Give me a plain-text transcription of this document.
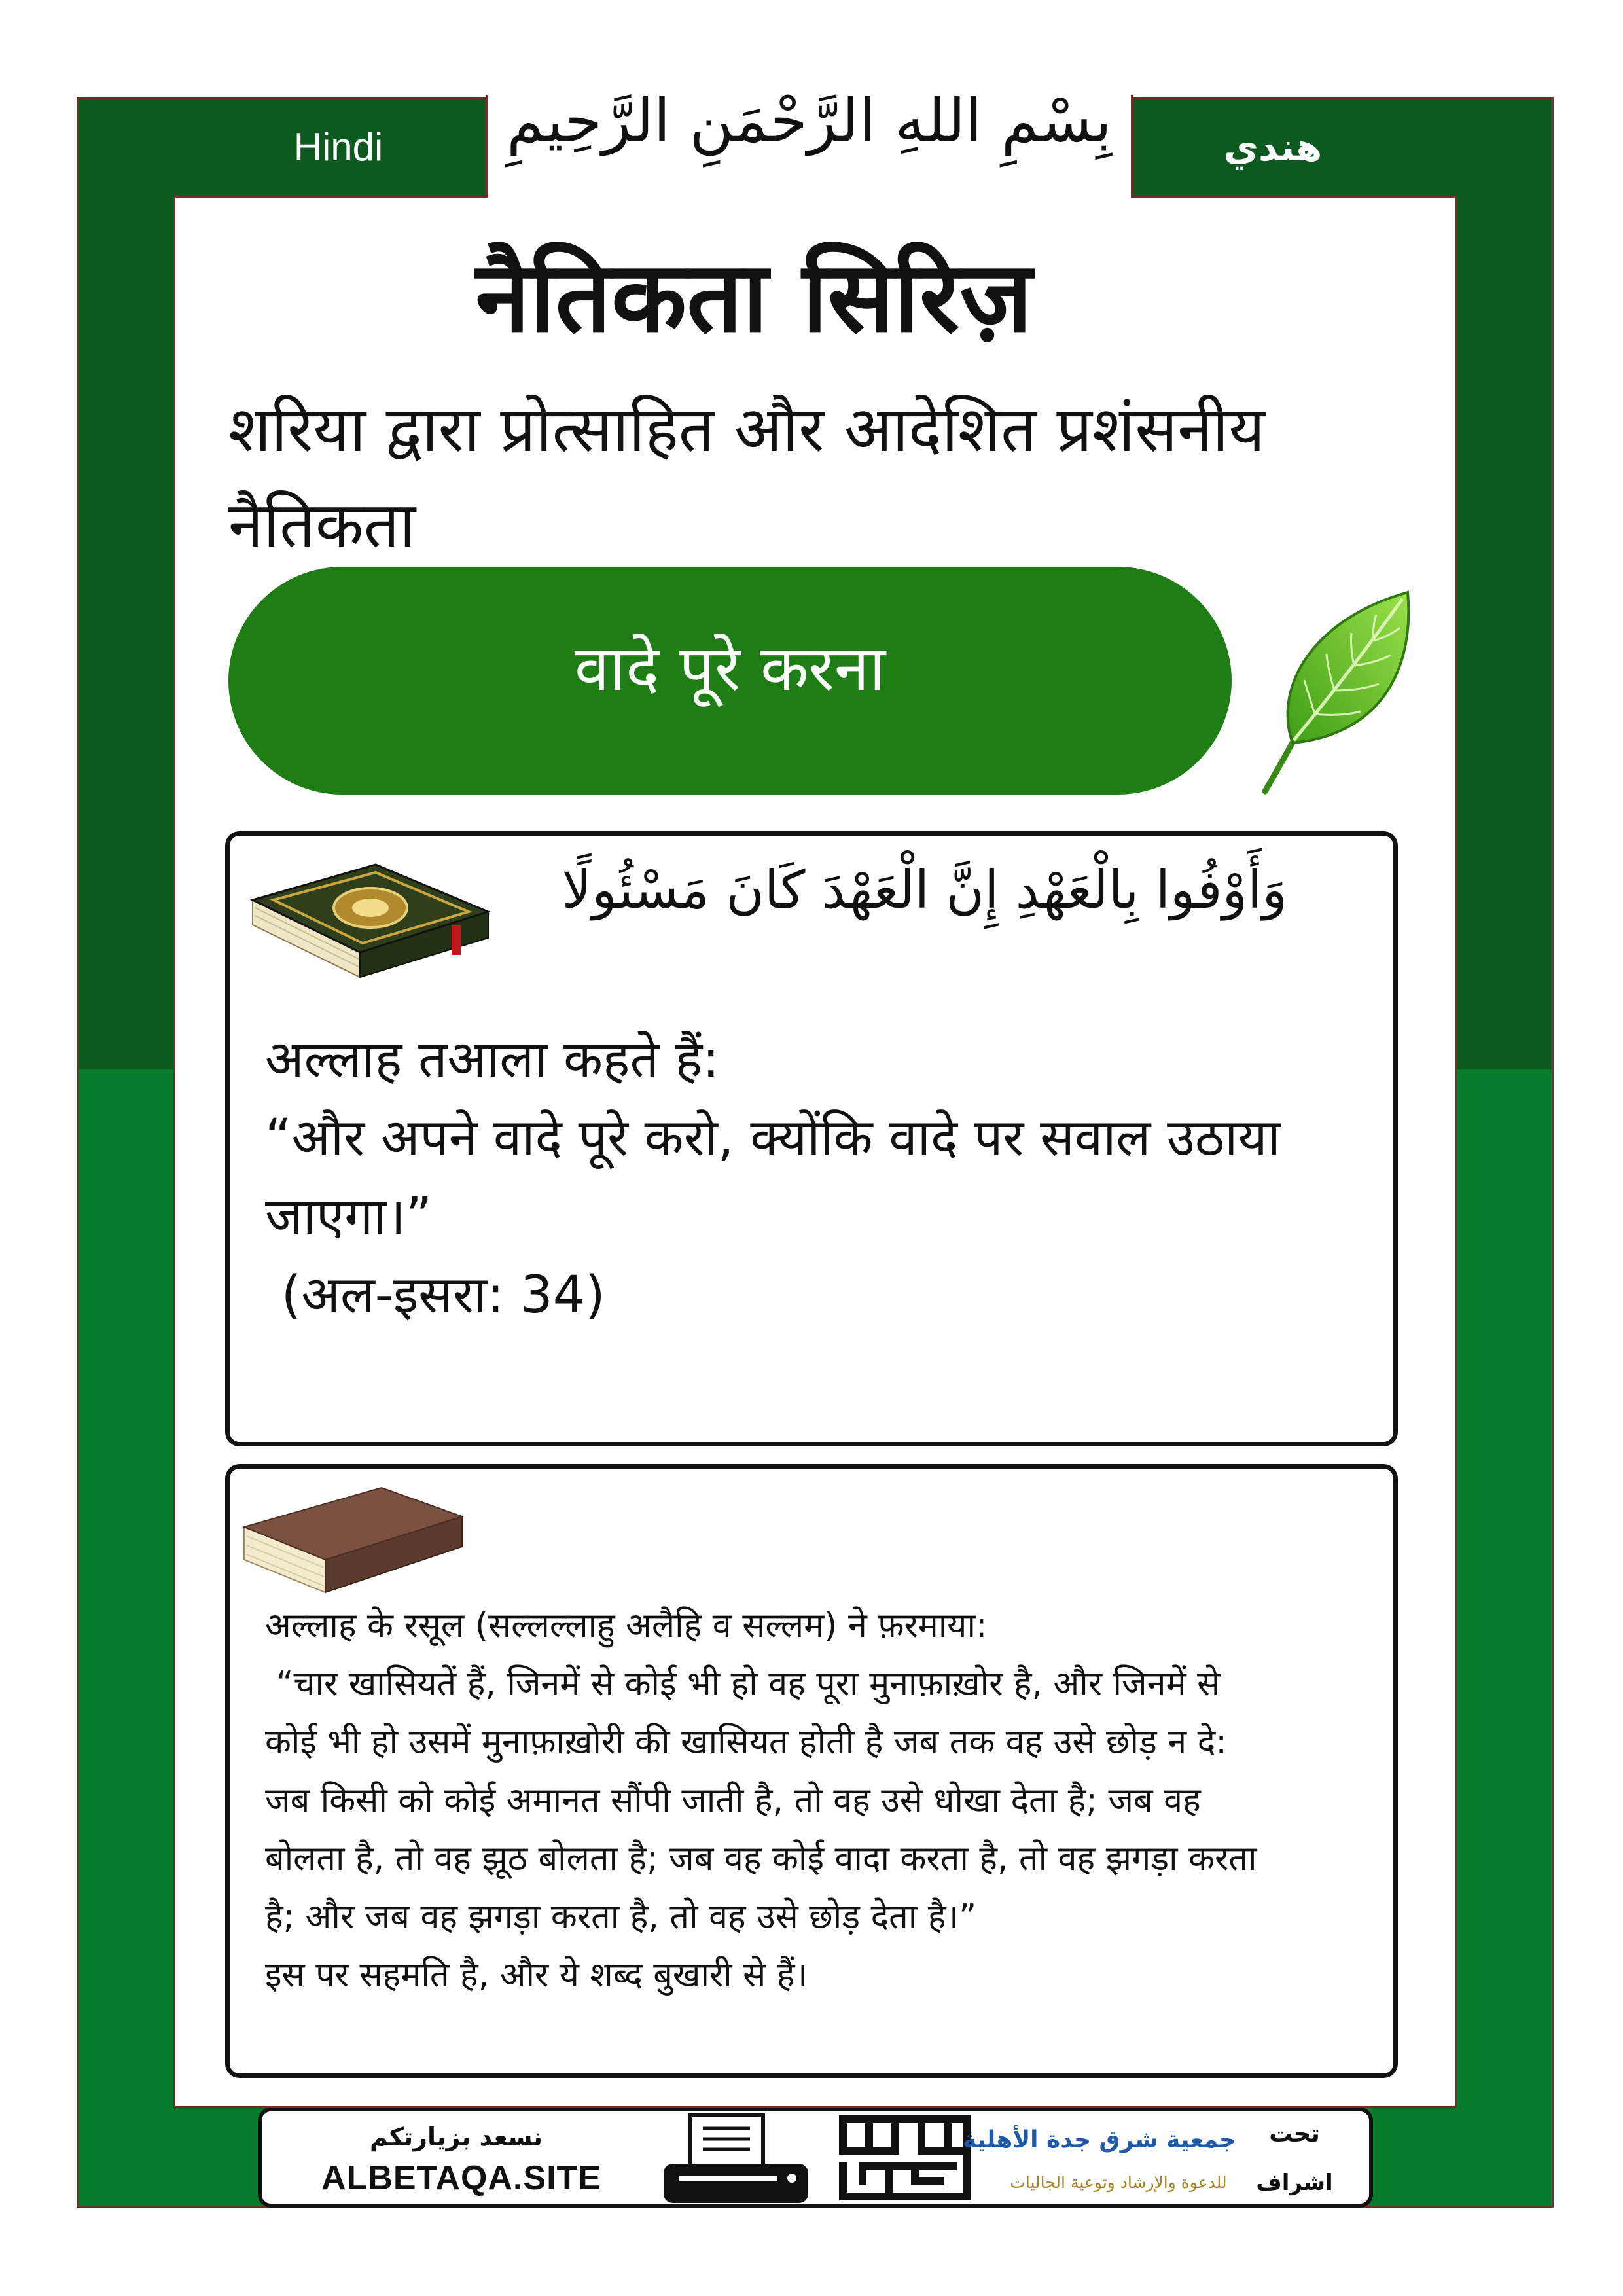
بِسْمِ اللهِ الرَّحْمَنِ الرَّحِيمِ
Hindi	هندي
नैतिकता सिरिज़
शरिया द्वारा प्रोत्साहित और आदेशित प्रशंसनीय
नैतिकता
वादे पूरे करना
وَأَوْفُوا بِالْعَهْدِ إِنَّ الْعَهْدَ كَانَ مَسْئُولًا
अल्लाह तआला कहते हैं:
“और अपने वादे पूरे करो, क्योंकि वादे पर सवाल उठाया
जाएगा।”
(अल-इसरा: 34)
अल्लाह के रसूल (सल्लल्लाहु अलैहि व सल्लम) ने फ़रमाया:
“चार खासियतें हैं, जिनमें से कोई भी हो वह पूरा मुनाफ़ाख़ोर है, और जिनमें से
कोई भी हो उसमें मुनाफ़ाख़ोरी की खासियत होती है जब तक वह उसे छोड़ न दे:
जब किसी को कोई अमानत सौंपी जाती है, तो वह उसे धोखा देता है; जब वह
बोलता है, तो वह झूठ बोलता है; जब वह कोई वादा करता है, तो वह झगड़ा करता
है; और जब वह झगड़ा करता है, तो वह उसे छोड़ देता है।”
इस पर सहमति है, और ये शब्द बुखारी से हैं।
نسعد بزيارتكم
ALBETAQA.SITE
جمعية شرق جدة الأهلية
للدعوة والإرشاد وتوعية الجاليات
تحت
اشراف
